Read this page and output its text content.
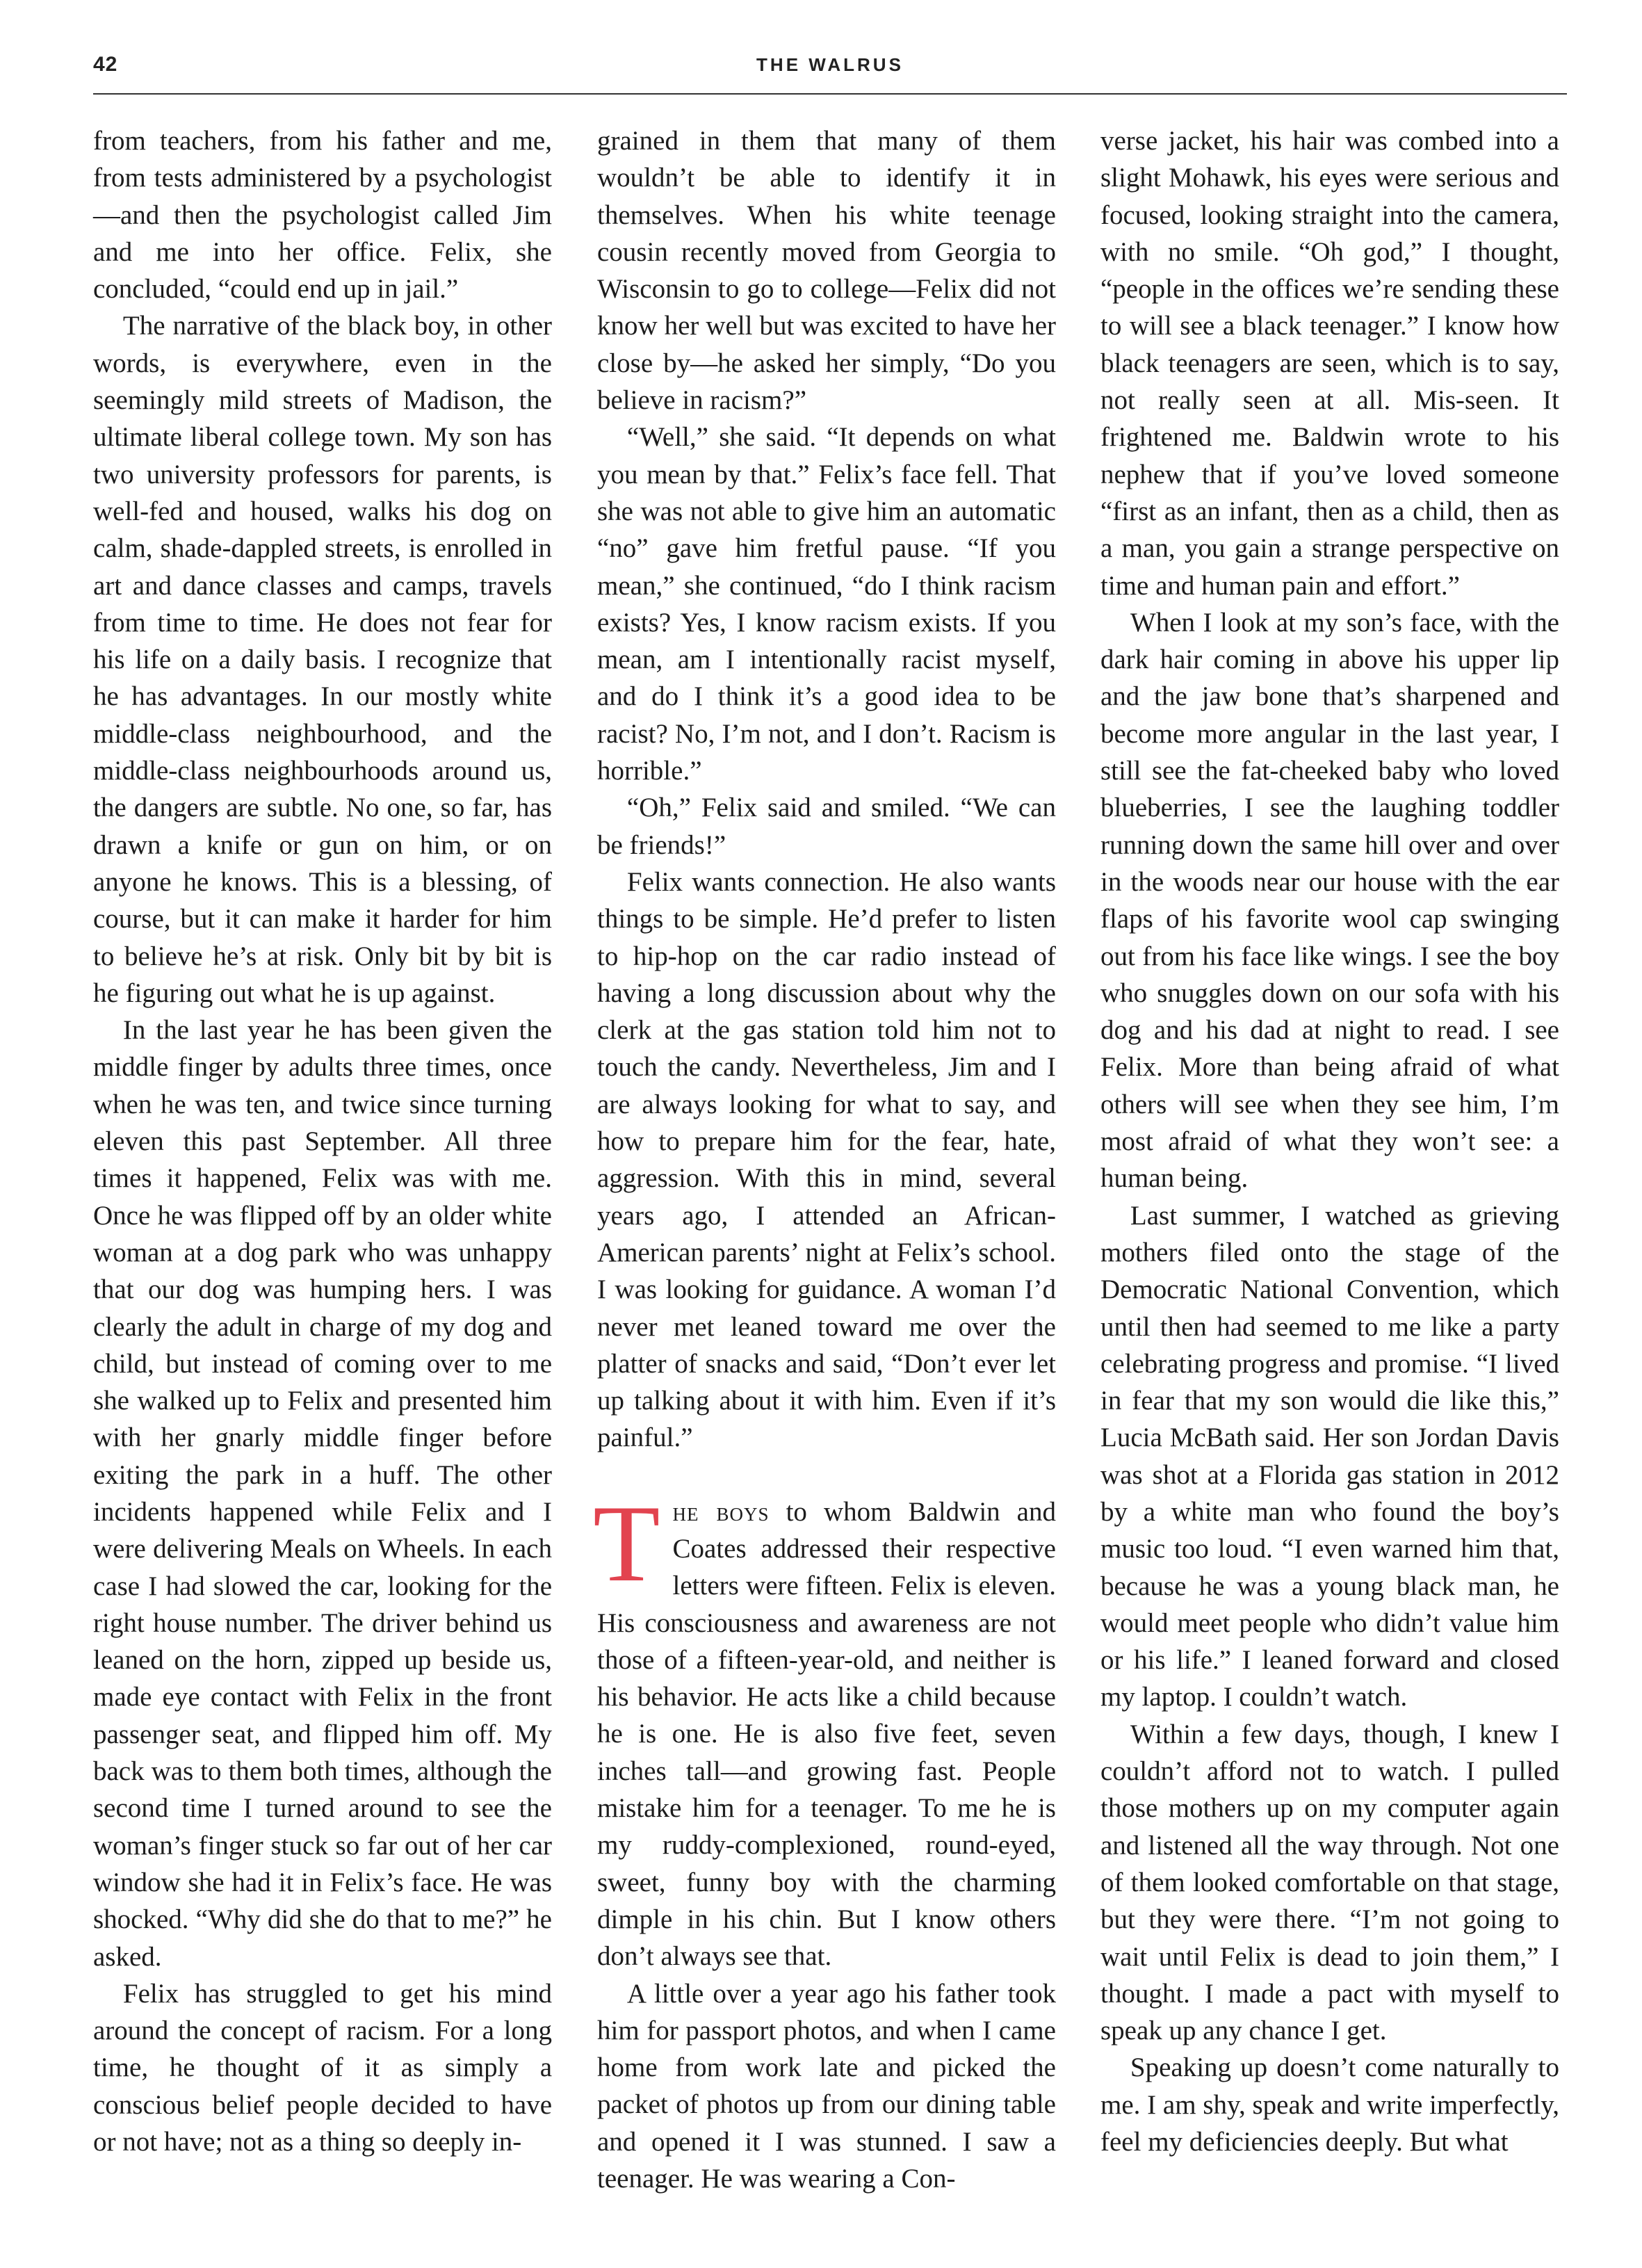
42	THE WALRUS

from teachers, from his father and me, from tests administered by a psychologist—and then the psychologist called Jim and me into her office. Felix, she concluded, “could end up in jail.”

The narrative of the black boy, in other words, is everywhere, even in the seemingly mild streets of Madison, the ultimate liberal college town. My son has two university professors for parents, is well-fed and housed, walks his dog on calm, shade-dappled streets, is enrolled in art and dance classes and camps, travels from time to time. He does not fear for his life on a daily basis. I recognize that he has advantages. In our mostly white middle-class neighbourhood, and the middle-class neighbourhoods around us, the dangers are subtle. No one, so far, has drawn a knife or gun on him, or on anyone he knows. This is a blessing, of course, but it can make it harder for him to believe he’s at risk. Only bit by bit is he figuring out what he is up against.

In the last year he has been given the middle finger by adults three times, once when he was ten, and twice since turning eleven this past September. All three times it happened, Felix was with me. Once he was flipped off by an older white woman at a dog park who was unhappy that our dog was humping hers. I was clearly the adult in charge of my dog and child, but instead of coming over to me she walked up to Felix and presented him with her gnarly middle finger before exiting the park in a huff. The other incidents happened while Felix and I were delivering Meals on Wheels. In each case I had slowed the car, looking for the right house number. The driver behind us leaned on the horn, zipped up beside us, made eye contact with Felix in the front passenger seat, and flipped him off. My back was to them both times, although the second time I turned around to see the woman’s finger stuck so far out of her car window she had it in Felix’s face. He was shocked. “Why did she do that to me?” he asked.

Felix has struggled to get his mind around the concept of racism. For a long time, he thought of it as simply a conscious belief people decided to have or not have; not as a thing so deeply in-

grained in them that many of them wouldn’t be able to identify it in themselves. When his white teenage cousin recently moved from Georgia to Wisconsin to go to college—Felix did not know her well but was excited to have her close by—he asked her simply, “Do you believe in racism?”

“Well,” she said. “It depends on what you mean by that.” Felix’s face fell. That she was not able to give him an automatic “no” gave him fretful pause. “If you mean,” she continued, “do I think racism exists? Yes, I know racism exists. If you mean, am I intentionally racist myself, and do I think it’s a good idea to be racist? No, I’m not, and I don’t. Racism is horrible.”

“Oh,” Felix said and smiled. “We can be friends!”

Felix wants connection. He also wants things to be simple. He’d prefer to listen to hip-hop on the car radio instead of having a long discussion about why the clerk at the gas station told him not to touch the candy. Nevertheless, Jim and I are always looking for what to say, and how to prepare him for the fear, hate, aggression. With this in mind, several years ago, I attended an African-American parents’ night at Felix’s school. I was looking for guidance. A woman I’d never met leaned toward me over the platter of snacks and said, “Don’t ever let up talking about it with him. Even if it’s painful.”

The boys to whom Baldwin and Coates addressed their respective letters were fifteen. Felix is eleven. His consciousness and awareness are not those of a fifteen-year-old, and neither is his behavior. He acts like a child because he is one. He is also five feet, seven inches tall—and growing fast. People mistake him for a teenager. To me he is my ruddy-complexioned, round-eyed, sweet, funny boy with the charming dimple in his chin. But I know others don’t always see that.

A little over a year ago his father took him for passport photos, and when I came home from work late and picked the packet of photos up from our dining table and opened it I was stunned. I saw a teenager. He was wearing a Con-

verse jacket, his hair was combed into a slight Mohawk, his eyes were serious and focused, looking straight into the camera, with no smile. “Oh god,” I thought, “people in the offices we’re sending these to will see a black teenager.” I know how black teenagers are seen, which is to say, not really seen at all. Mis-seen. It frightened me. Baldwin wrote to his nephew that if you’ve loved someone “first as an infant, then as a child, then as a man, you gain a strange perspective on time and human pain and effort.”

When I look at my son’s face, with the dark hair coming in above his upper lip and the jaw bone that’s sharpened and become more angular in the last year, I still see the fat-cheeked baby who loved blueberries, I see the laughing toddler running down the same hill over and over in the woods near our house with the ear flaps of his favorite wool cap swinging out from his face like wings. I see the boy who snuggles down on our sofa with his dog and his dad at night to read. I see Felix. More than being afraid of what others will see when they see him, I’m most afraid of what they won’t see: a human being.

Last summer, I watched as grieving mothers filed onto the stage of the Democratic National Convention, which until then had seemed to me like a party celebrating progress and promise. “I lived in fear that my son would die like this,” Lucia McBath said. Her son Jordan Davis was shot at a Florida gas station in 2012 by a white man who found the boy’s music too loud. “I even warned him that, because he was a young black man, he would meet people who didn’t value him or his life.” I leaned forward and closed my laptop. I couldn’t watch.

Within a few days, though, I knew I couldn’t afford not to watch. I pulled those mothers up on my computer again and listened all the way through. Not one of them looked comfortable on that stage, but they were there. “I’m not going to wait until Felix is dead to join them,” I thought. I made a pact with myself to speak up any chance I get.

Speaking up doesn’t come naturally to me. I am shy, speak and write imperfectly, feel my deficiencies deeply. But what
